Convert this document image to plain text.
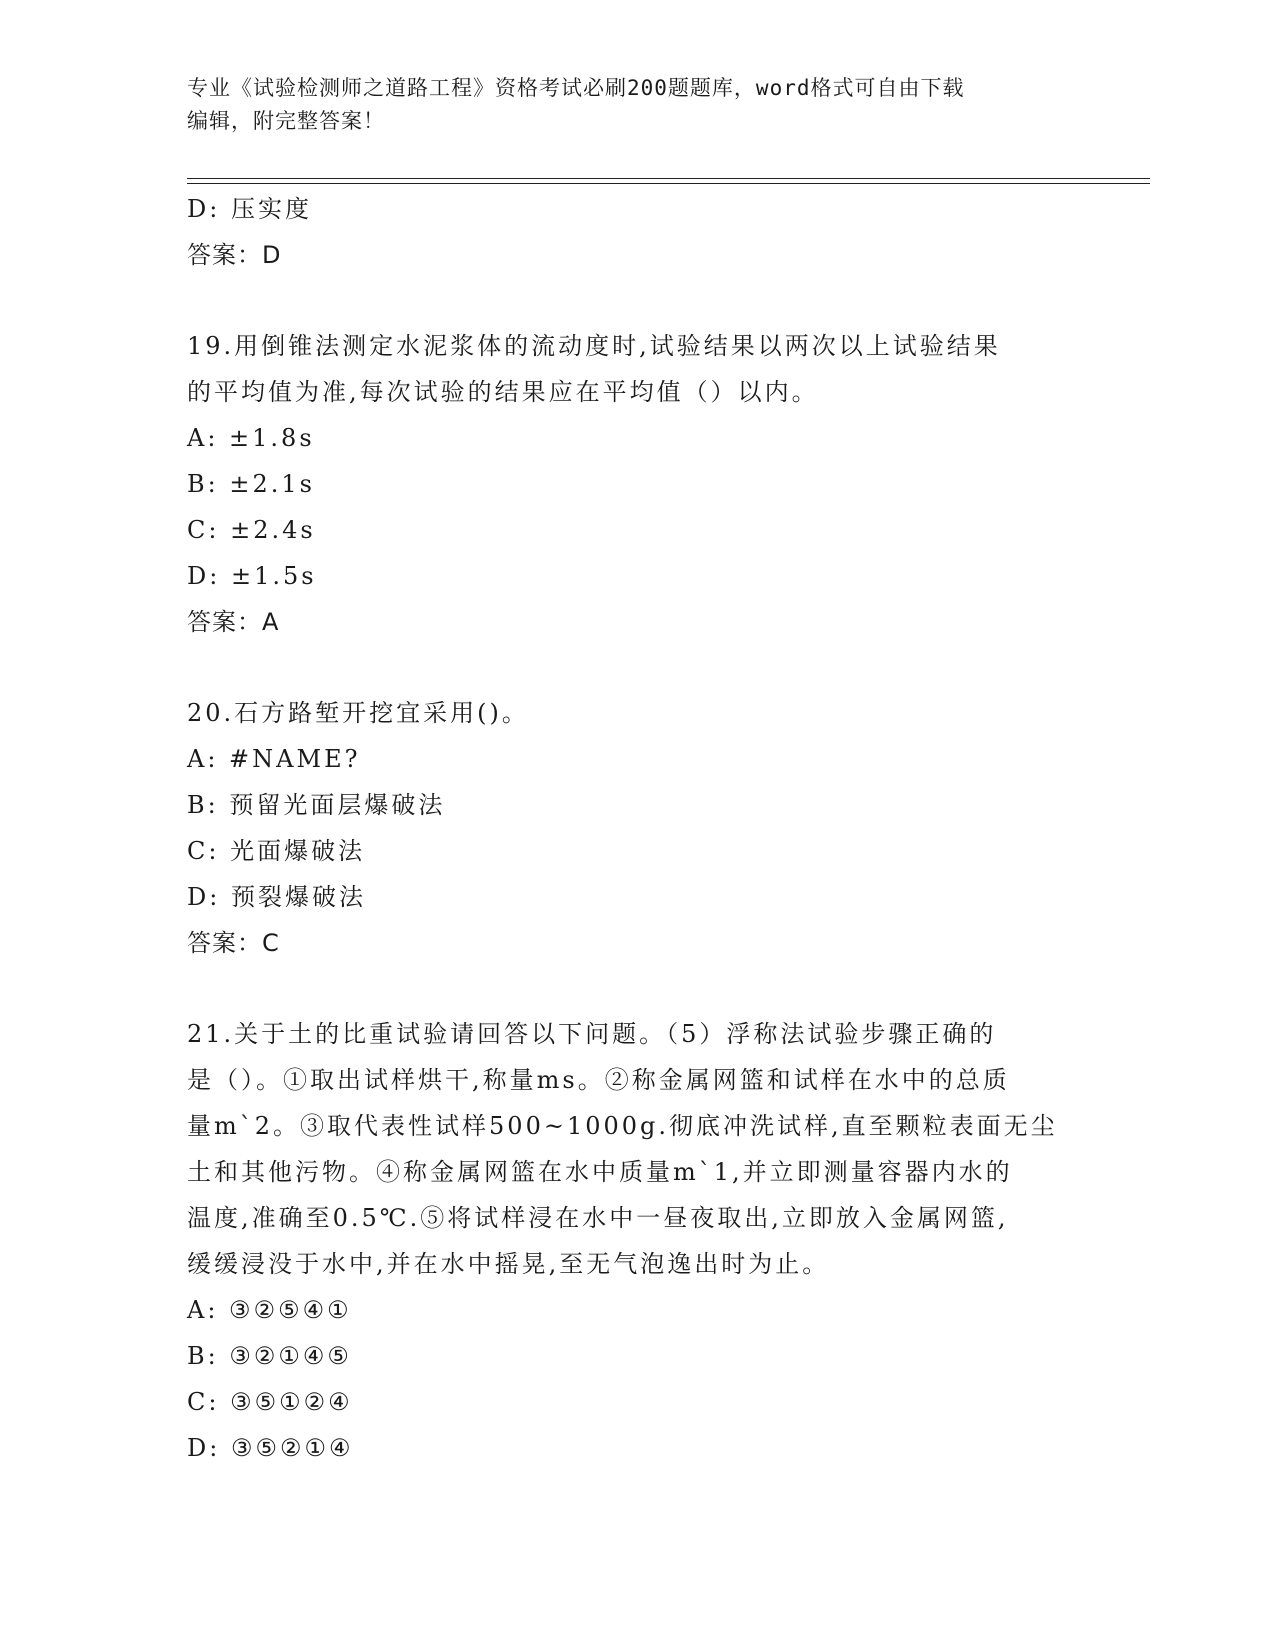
专业《试验检测师之道路工程》资格考试必刷200题题库，word格式可自由下载
编辑，附完整答案！
D: 压实度
答案：D
19.用倒锥法测定水泥浆体的流动度时,试验结果以两次以上试验结果
的平均值为准,每次试验的结果应在平均值（）以内。
A: ±1.8s
B: ±2.1s
C: ±2.4s
D: ±1.5s
答案：A
20.石方路堑开挖宜采用()。
A: #NAME?
B: 预留光面层爆破法
C: 光面爆破法
D: 预裂爆破法
答案：C
21.关于土的比重试验请回答以下问题。（5）浮称法试验步骤正确的
是（）。①取出试样烘干,称量ms。②称金属网篮和试样在水中的总质
量m`2。③取代表性试样500~1000g.彻底冲洗试样,直至颗粒表面无尘
土和其他污物。④称金属网篮在水中质量m`1,并立即测量容器内水的
温度,准确至0.5℃.⑤将试样浸在水中一昼夜取出,立即放入金属网篮,
缓缓浸没于水中,并在水中摇晃,至无气泡逸出时为止。
A: ③②⑤④①
B: ③②①④⑤
C: ③⑤①②④
D: ③⑤②①④
